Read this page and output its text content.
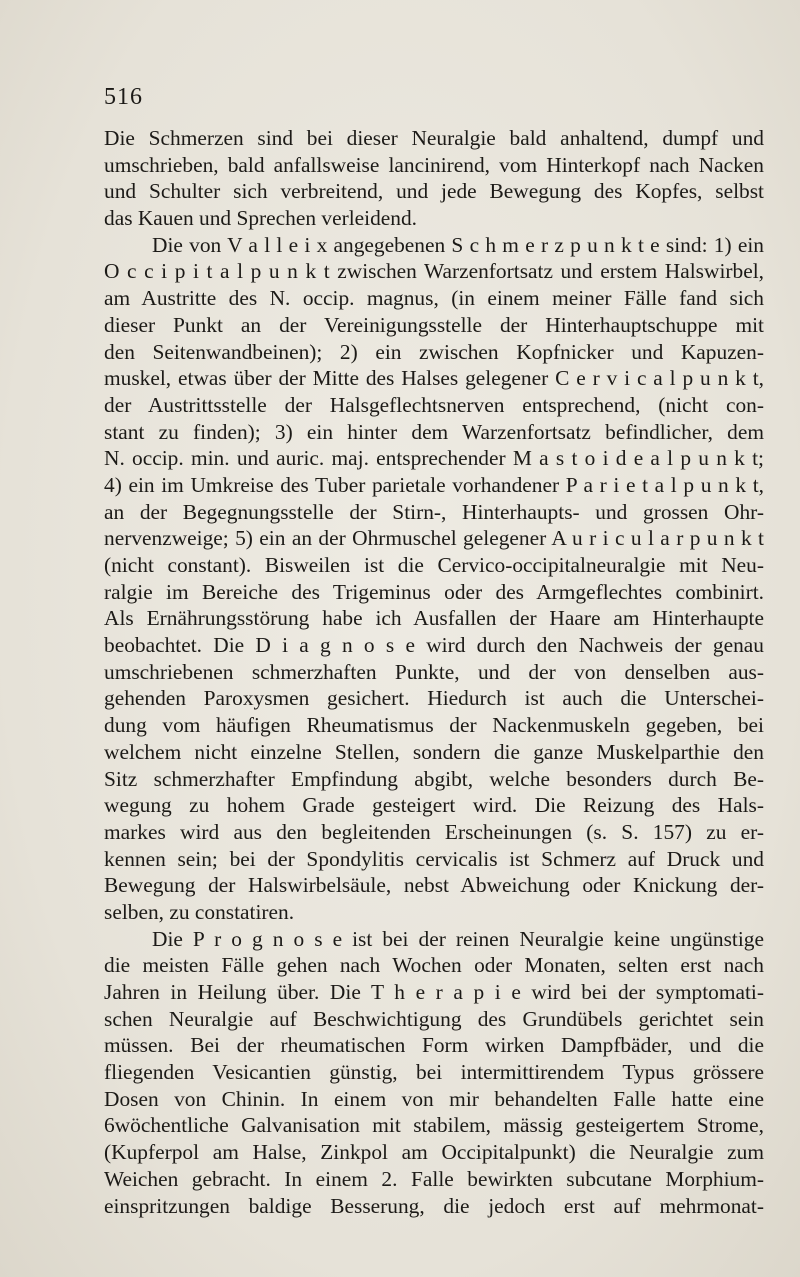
516
Die Schmerzen sind bei dieser Neuralgie bald anhaltend, dumpf und
umschrieben, bald anfallsweise lancinirend, vom Hinterkopf nach Nacken
und Schulter sich verbreitend, und jede Bewegung des Kopfes, selbst
das Kauen und Sprechen verleidend.
Die von V a l l e i x angegebenen S c h m e r z p u n k t e sind: 1) ein
O c c i p i t a l p u n k t zwischen Warzenfortsatz und erstem Halswirbel,
am Austritte des N. occip. magnus, (in einem meiner Fälle fand sich
dieser Punkt an der Vereinigungsstelle der Hinterhauptschuppe mit
den Seitenwandbeinen); 2) ein zwischen Kopfnicker und Kapuzen-
muskel, etwas über der Mitte des Halses gelegener C e r v i c a l p u n k t,
der Austrittsstelle der Halsgeflechtsnerven entsprechend, (nicht con-
stant zu finden); 3) ein hinter dem Warzenfortsatz befindlicher, dem
N. occip. min. und auric. maj. entsprechender M a s t o i d e a l p u n k t;
4) ein im Umkreise des Tuber parietale vorhandener P a r i e t a l p u n k t,
an der Begegnungsstelle der Stirn-, Hinterhaupts- und grossen Ohr-
nervenzweige; 5) ein an der Ohrmuschel gelegener A u r i c u l a r p u n k t
(nicht constant). Bisweilen ist die Cervico-occipitalneuralgie mit Neu-
ralgie im Bereiche des Trigeminus oder des Armgeflechtes combinirt.
Als Ernährungsstörung habe ich Ausfallen der Haare am Hinterhaupte
beobachtet. Die D i a g n o s e wird durch den Nachweis der genau
umschriebenen schmerzhaften Punkte, und der von denselben aus-
gehenden Paroxysmen gesichert. Hiedurch ist auch die Unterschei-
dung vom häufigen Rheumatismus der Nackenmuskeln gegeben, bei
welchem nicht einzelne Stellen, sondern die ganze Muskelparthie den
Sitz schmerzhafter Empfindung abgibt, welche besonders durch Be-
wegung zu hohem Grade gesteigert wird. Die Reizung des Hals-
markes wird aus den begleitenden Erscheinungen (s. S. 157) zu er-
kennen sein; bei der Spondylitis cervicalis ist Schmerz auf Druck und
Bewegung der Halswirbelsäule, nebst Abweichung oder Knickung der-
selben, zu constatiren.
Die P r o g n o s e ist bei der reinen Neuralgie keine ungünstige
die meisten Fälle gehen nach Wochen oder Monaten, selten erst nach
Jahren in Heilung über. Die T h e r a p i e wird bei der symptomati-
schen Neuralgie auf Beschwichtigung des Grundübels gerichtet sein
müssen. Bei der rheumatischen Form wirken Dampfbäder, und die
fliegenden Vesicantien günstig, bei intermittirendem Typus grössere
Dosen von Chinin. In einem von mir behandelten Falle hatte eine
6wöchentliche Galvanisation mit stabilem, mässig gesteigertem Strome,
(Kupferpol am Halse, Zinkpol am Occipitalpunkt) die Neuralgie zum
Weichen gebracht. In einem 2. Falle bewirkten subcutane Morphium-
einspritzungen baldige Besserung, die jedoch erst auf mehrmonat-
